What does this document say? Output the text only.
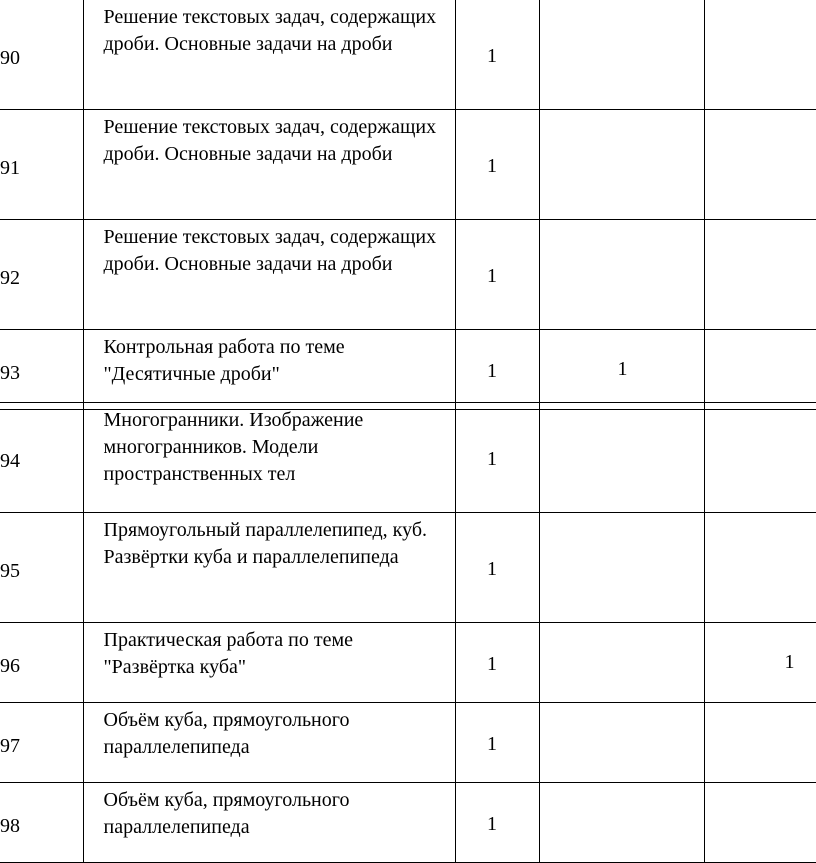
90	Решение текстовых задач, содержащих дроби. Основные задачи на дроби	1		
91	Решение текстовых задач, содержащих дроби. Основные задачи на дроби	1		
92	Решение текстовых задач, содержащих дроби. Основные задачи на дроби	1		
93	Контрольная работа по теме "Десятичные дроби"	1	1	
94	Многогранники. Изображение многогранников. Модели пространственных тел	1		
95	Прямоугольный параллелепипед, куб. Развёртки куба и параллелепипеда	1		
96	Практическая работа по теме "Развёртка куба"	1		1
97	Объём куба, прямоугольного параллелепипеда	1		
98	Объём куба, прямоугольного параллелепипеда	1		
